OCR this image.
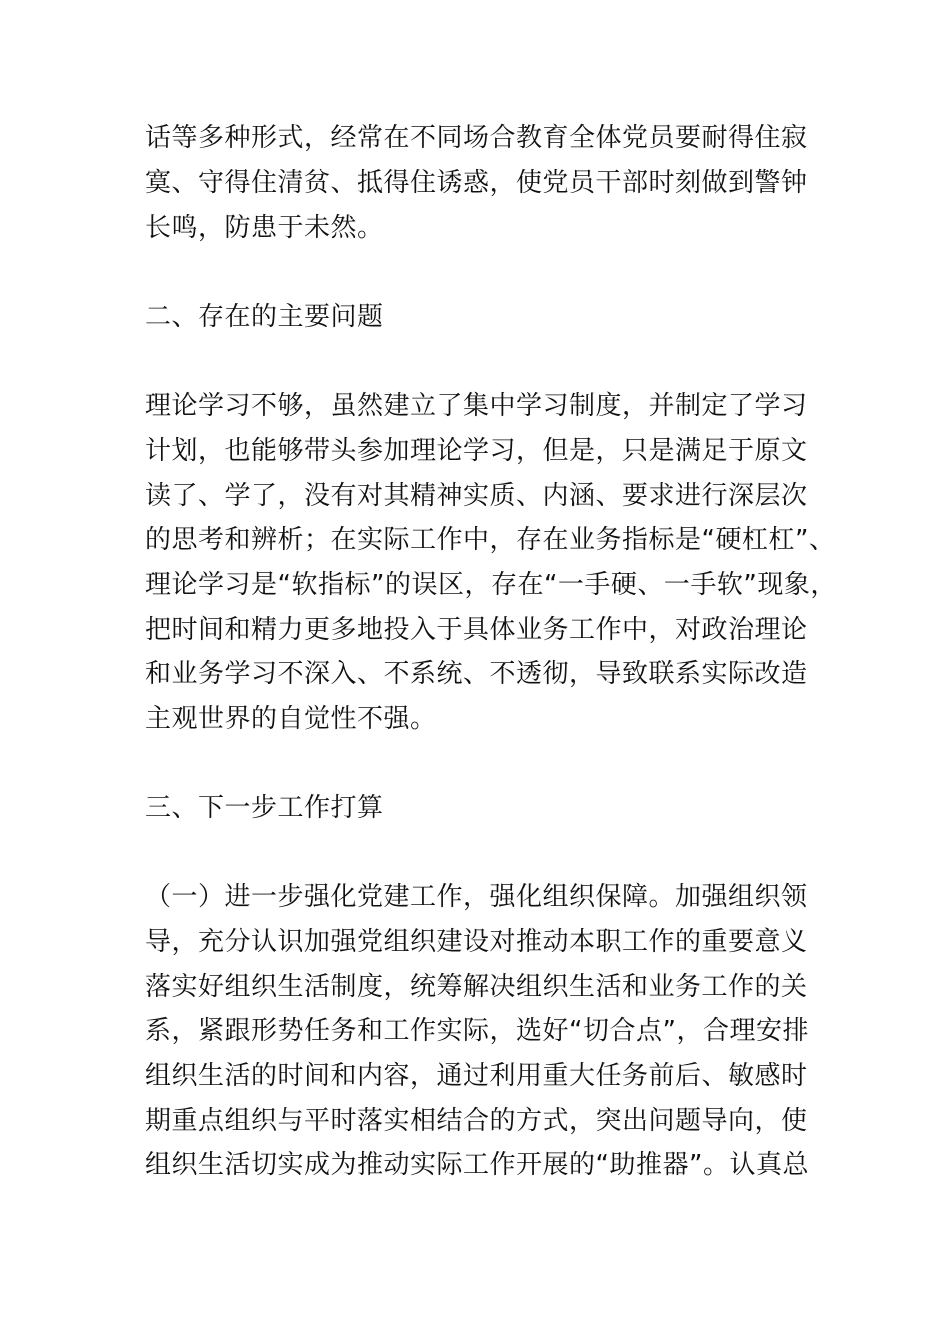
话等多种形式，经常在不同场合教育全体党员要耐得住寂
寞、守得住清贫、抵得住诱惑，使党员干部时刻做到警钟
长鸣，防患于未然。
二、存在的主要问题
理论学习不够，虽然建立了集中学习制度，并制定了学习
计划，也能够带头参加理论学习，但是，只是满足于原文
读了、学了，没有对其精神实质、内涵、要求进行深层次
的思考和辨析；在实际工作中，存在业务指标是“硬杠杠”、
理论学习是“软指标”的误区，存在“一手硬、一手软”现象，
把时间和精力更多地投入于具体业务工作中，对政治理论
和业务学习不深入、不系统、不透彻，导致联系实际改造
主观世界的自觉性不强。
三、下一步工作打算
（一）进一步强化党建工作，强化组织保障。加强组织领
导，充分认识加强党组织建设对推动本职工作的重要意义
落实好组织生活制度，统筹解决组织生活和业务工作的关
系，紧跟形势任务和工作实际，选好“切合点”，合理安排
组织生活的时间和内容，通过利用重大任务前后、敏感时
期重点组织与平时落实相结合的方式，突出问题导向，使
组织生活切实成为推动实际工作开展的“助推器”。认真总
